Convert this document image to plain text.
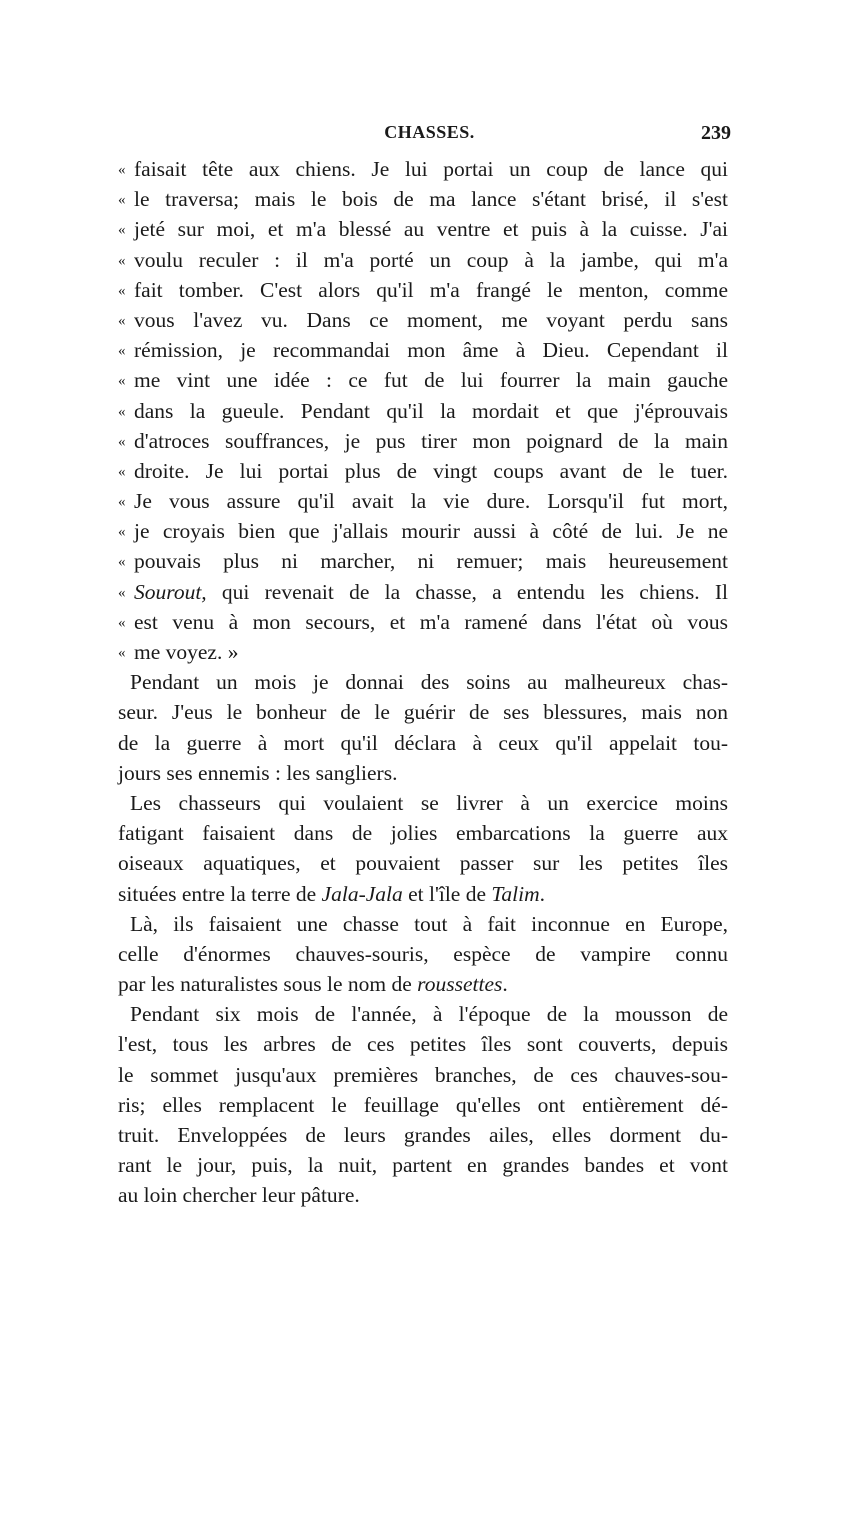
CHASSES.	239
« faisait tête aux chiens. Je lui portai un coup de lance qui
« le traversa; mais le bois de ma lance s'étant brisé, il s'est
« jeté sur moi, et m'a blessé au ventre et puis à la cuisse. J'ai
« voulu reculer : il m'a porté un coup à la jambe, qui m'a
« fait tomber. C'est alors qu'il m'a frangé le menton, comme
« vous l'avez vu. Dans ce moment, me voyant perdu sans
« rémission, je recommandai mon âme à Dieu. Cependant il
« me vint une idée : ce fut de lui fourrer la main gauche
« dans la gueule. Pendant qu'il la mordait et que j'éprouvais
« d'atroces souffrances, je pus tirer mon poignard de la main
« droite. Je lui portai plus de vingt coups avant de le tuer.
« Je vous assure qu'il avait la vie dure. Lorsqu'il fut mort,
« je croyais bien que j'allais mourir aussi à côté de lui. Je ne
« pouvais plus ni marcher, ni remuer; mais heureusement
« Sourout, qui revenait de la chasse, a entendu les chiens. Il
« est venu à mon secours, et m'a ramené dans l'état où vous
« me voyez. »
Pendant un mois je donnai des soins au malheureux chas-
seur. J'eus le bonheur de le guérir de ses blessures, mais non
de la guerre à mort qu'il déclara à ceux qu'il appelait tou-
jours ses ennemis : les sangliers.
Les chasseurs qui voulaient se livrer à un exercice moins
fatigant faisaient dans de jolies embarcations la guerre aux
oiseaux aquatiques, et pouvaient passer sur les petites îles
situées entre la terre de Jala-Jala et l'île de Talim.
Là, ils faisaient une chasse tout à fait inconnue en Europe,
celle d'énormes chauves-souris, espèce de vampire connu
par les naturalistes sous le nom de roussettes.
Pendant six mois de l'année, à l'époque de la mousson de
l'est, tous les arbres de ces petites îles sont couverts, depuis
le sommet jusqu'aux premières branches, de ces chauves-sou-
ris; elles remplacent le feuillage qu'elles ont entièrement dé-
truit. Enveloppées de leurs grandes ailes, elles dorment du-
rant le jour, puis, la nuit, partent en grandes bandes et vont
au loin chercher leur pâture.
